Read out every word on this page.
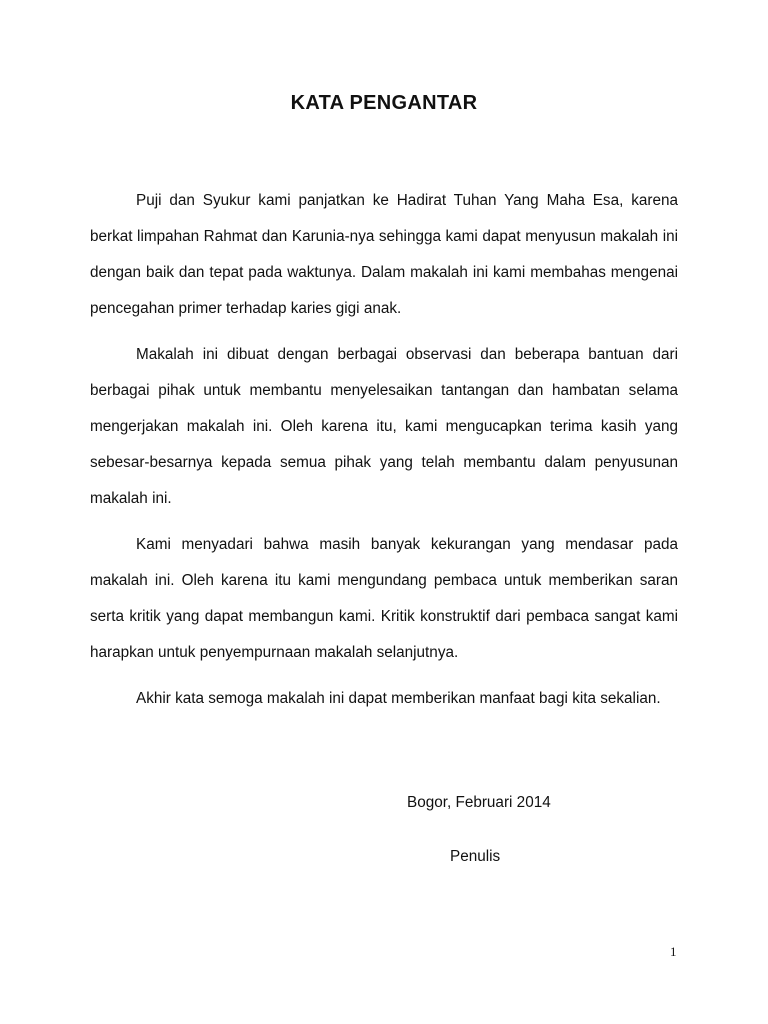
KATA PENGANTAR

Puji dan Syukur kami panjatkan ke Hadirat Tuhan Yang Maha Esa, karena berkat limpahan Rahmat dan Karunia-nya sehingga kami dapat menyusun makalah ini dengan baik dan tepat pada waktunya. Dalam makalah ini kami membahas mengenai pencegahan primer terhadap karies gigi anak.

Makalah ini dibuat dengan berbagai observasi dan beberapa bantuan dari berbagai pihak untuk membantu menyelesaikan tantangan dan hambatan selama mengerjakan makalah ini. Oleh karena itu, kami mengucapkan terima kasih yang sebesar-besarnya kepada semua pihak yang telah membantu dalam penyusunan makalah ini.

Kami menyadari bahwa masih banyak kekurangan yang mendasar pada makalah ini. Oleh karena itu kami mengundang pembaca untuk memberikan saran serta kritik yang dapat membangun kami. Kritik konstruktif dari pembaca sangat kami harapkan untuk penyempurnaan makalah selanjutnya.

Akhir kata semoga makalah ini dapat memberikan manfaat bagi kita sekalian.

Bogor, Februari 2014
Penulis
1
